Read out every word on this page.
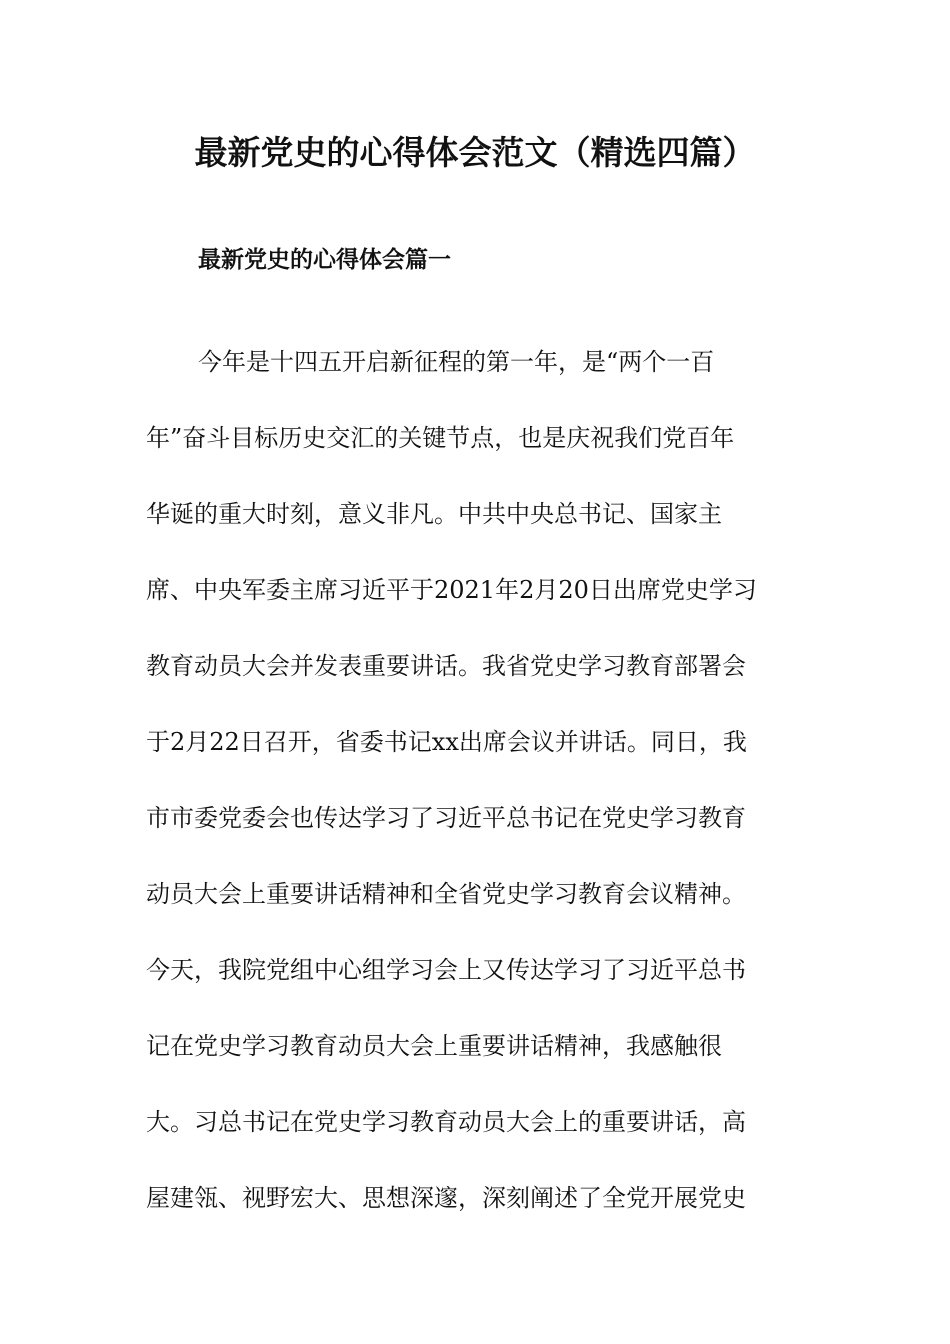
最新党史的心得体会范文（精选四篇）
最新党史的心得体会篇一
今年是十四五开启新征程的第一年，是“两个一百
年”奋斗目标历史交汇的关键节点，也是庆祝我们党百年
华诞的重大时刻，意义非凡。中共中央总书记、国家主
席、中央军委主席习近平于2021年2月20日出席党史学习
教育动员大会并发表重要讲话。我省党史学习教育部署会
于2月22日召开，省委书记xx出席会议并讲话。同日，我
市市委党委会也传达学习了习近平总书记在党史学习教育
动员大会上重要讲话精神和全省党史学习教育会议精神。
今天，我院党组中心组学习会上又传达学习了习近平总书
记在党史学习教育动员大会上重要讲话精神，我感触很
大。习总书记在党史学习教育动员大会上的重要讲话，高
屋建瓴、视野宏大、思想深邃，深刻阐述了全党开展党史
